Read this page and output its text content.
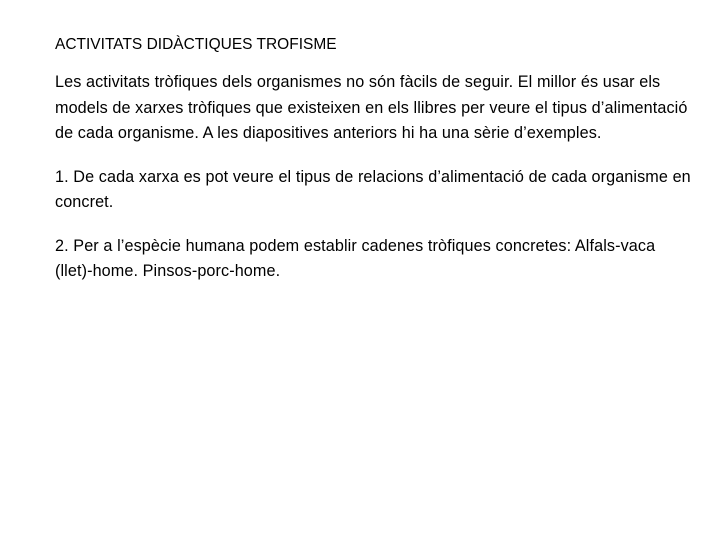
ACTIVITATS DIDÀCTIQUES TROFISME

Les activitats tròfiques dels organismes no són fàcils de seguir. El millor és usar els models de xarxes tròfiques que existeixen en els llibres per veure el tipus d’alimentació de cada organisme. A les diapositives anteriors hi ha una sèrie d’exemples.

1. De cada xarxa es pot veure el tipus de relacions d’alimentació de cada organisme en concret.

2. Per a l’espècie humana podem establir cadenes tròfiques concretes: Alfals-vaca (llet)-home. Pinsos-porc-home.
